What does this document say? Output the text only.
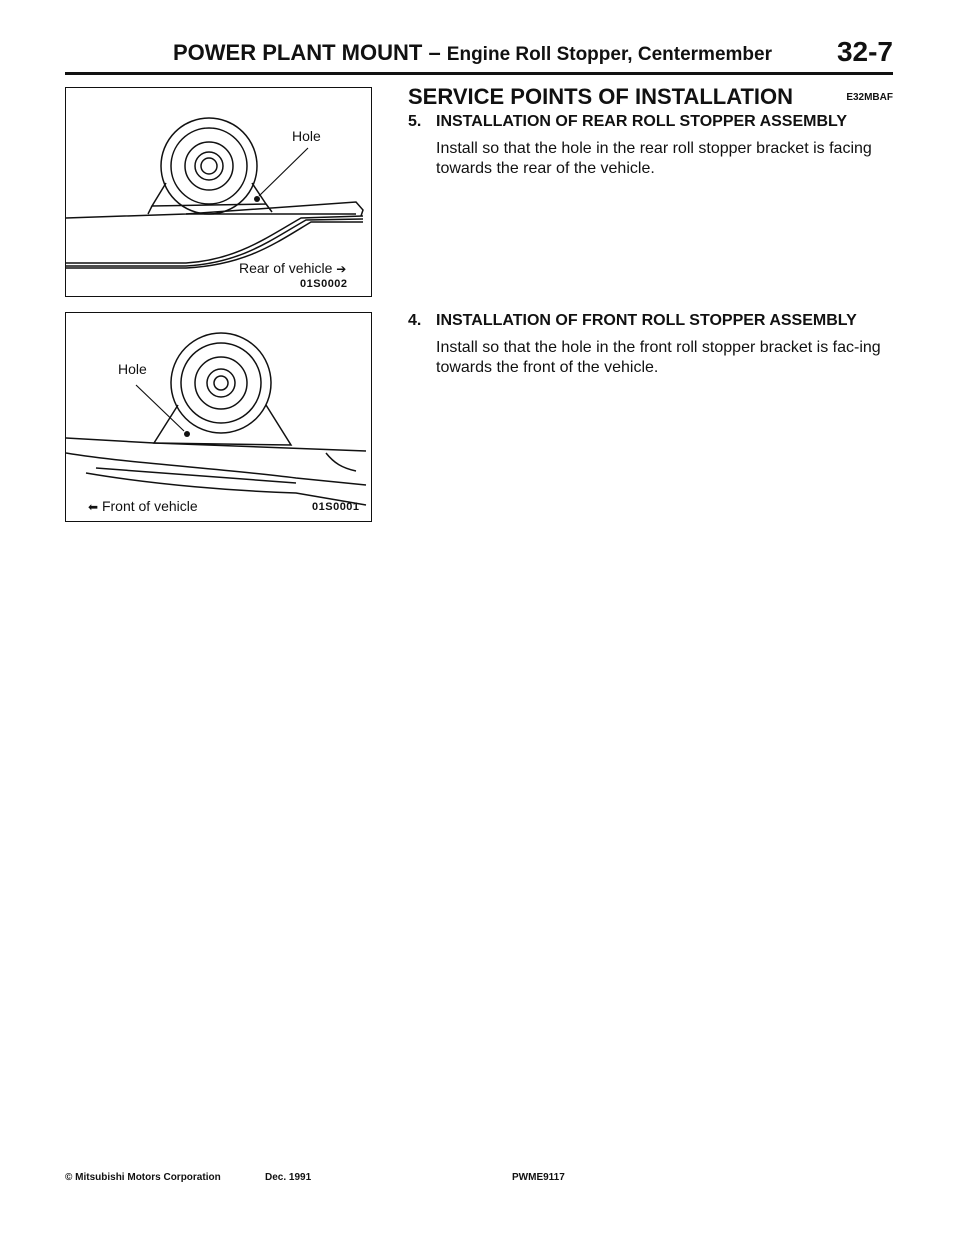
POWER PLANT MOUNT – Engine Roll Stopper, Centermember 32-7
Hole
Rear of vehicle ➔
01S0002
Hole
⬅ Front of vehicle	01S0001
SERVICE POINTS OF INSTALLATION	E32MBAF
5. INSTALLATION OF REAR ROLL STOPPER ASSEMBLY
Install so that the hole in the rear roll stopper bracket is facing towards the rear of the vehicle.
4. INSTALLATION OF FRONT ROLL STOPPER ASSEMBLY
Install so that the hole in the front roll stopper bracket is fac-ing towards the front of the vehicle.
© Mitsubishi Motors Corporation	Dec. 1991	PWME9117
